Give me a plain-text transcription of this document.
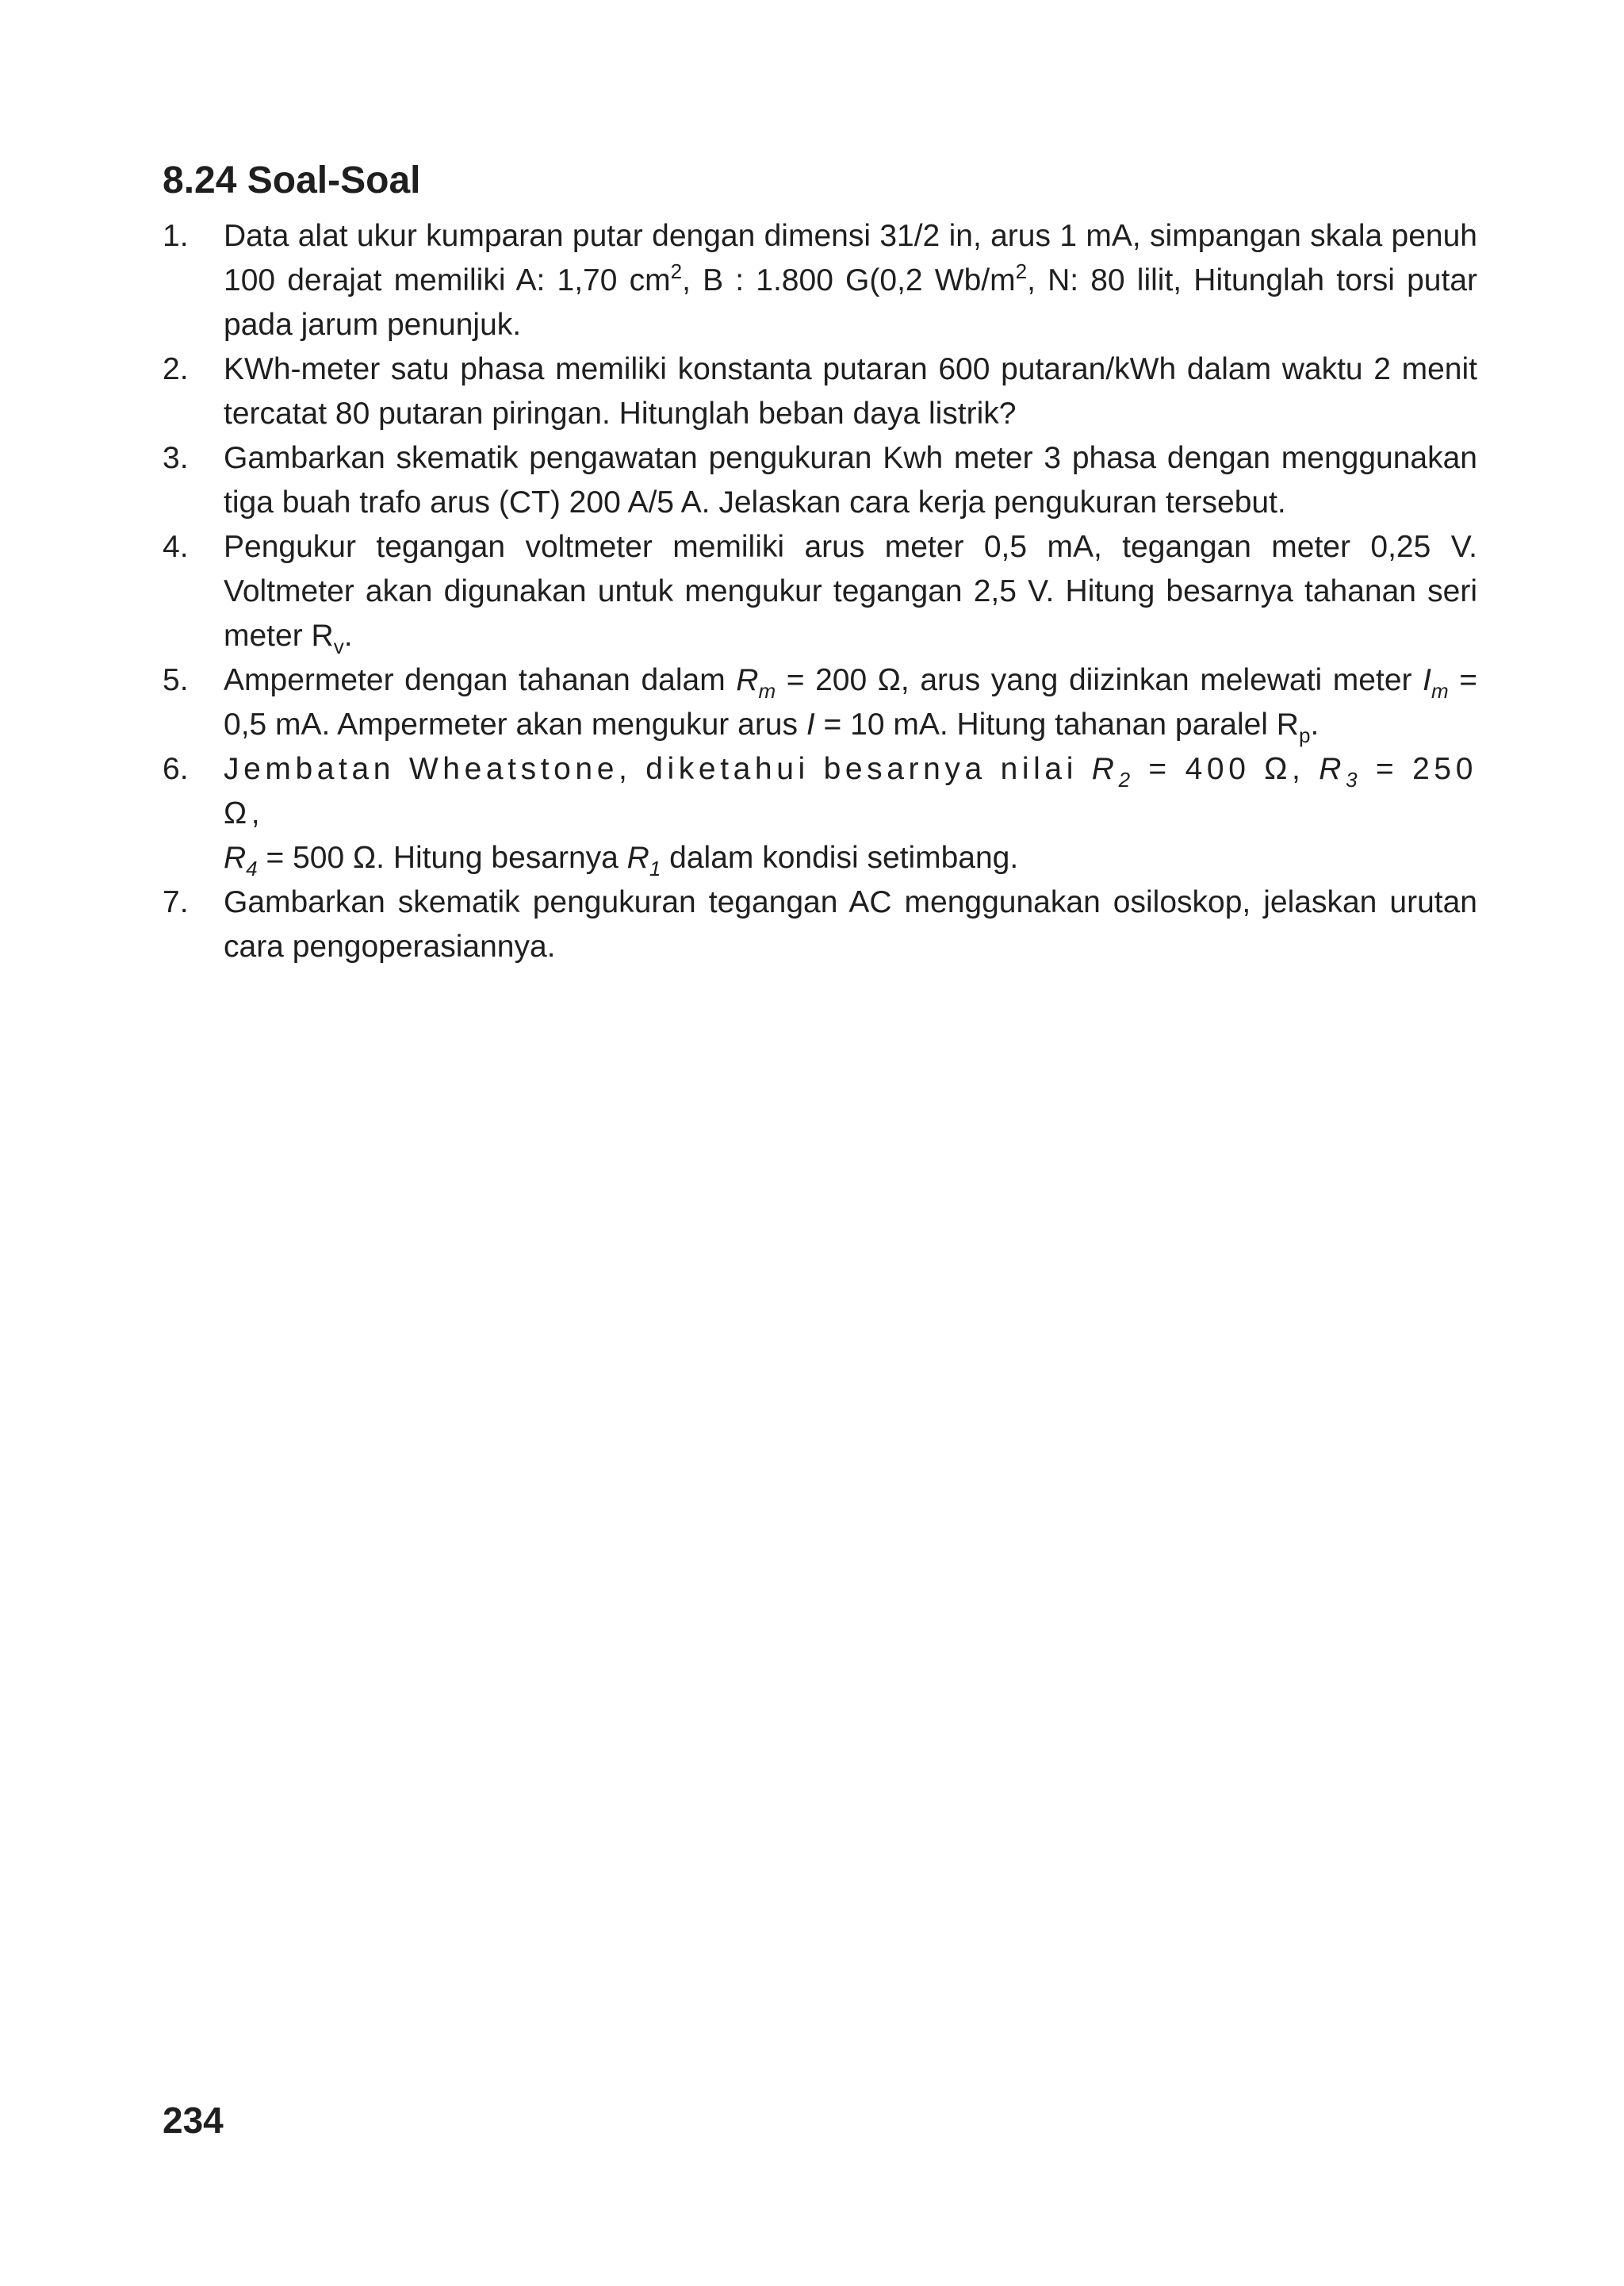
8.24 Soal-Soal
1. Data alat ukur kumparan putar dengan dimensi 31/2 in, arus 1 mA, simpangan skala penuh 100 derajat memiliki A: 1,70 $cm^2$, B : 1.800 G(0,2 $Wb/m^2$, N: 80 lilit, Hitunglah torsi putar pada jarum penunjuk.
2. KWh-meter satu phasa memiliki konstanta putaran 600 putaran/kWh dalam waktu 2 menit tercatat 80 putaran piringan. Hitunglah beban daya listrik?
3. Gambarkan skematik pengawatan pengukuran Kwh meter 3 phasa dengan menggunakan tiga buah trafo arus (CT) 200 A/5 A. Jelaskan cara kerja pengukuran tersebut.
4. Pengukur tegangan voltmeter memiliki arus meter 0,5 mA, tegangan meter 0,25 V. Voltmeter akan digunakan untuk mengukur tegangan 2,5 V. Hitung besarnya tahanan seri meter $R_v$.
5. Ampermeter dengan tahanan dalam $R_m = 200$ Ω, arus yang diizinkan melewati meter $I_m = 0,5$ mA. Ampermeter akan mengukur arus I = 10 mA. Hitung tahanan paralel $R_p$.
6. Jembatan Wheatstone, diketahui besarnya nilai $R_2 = 400$ Ω, $R_3 = 250$ Ω,
$R_4 = 500$ Ω. Hitung besarnya $R_1$ dalam kondisi setimbang.
7. Gambarkan skematik pengukuran tegangan AC menggunakan osiloskop, jelaskan urutan cara pengoperasiannya.
234
